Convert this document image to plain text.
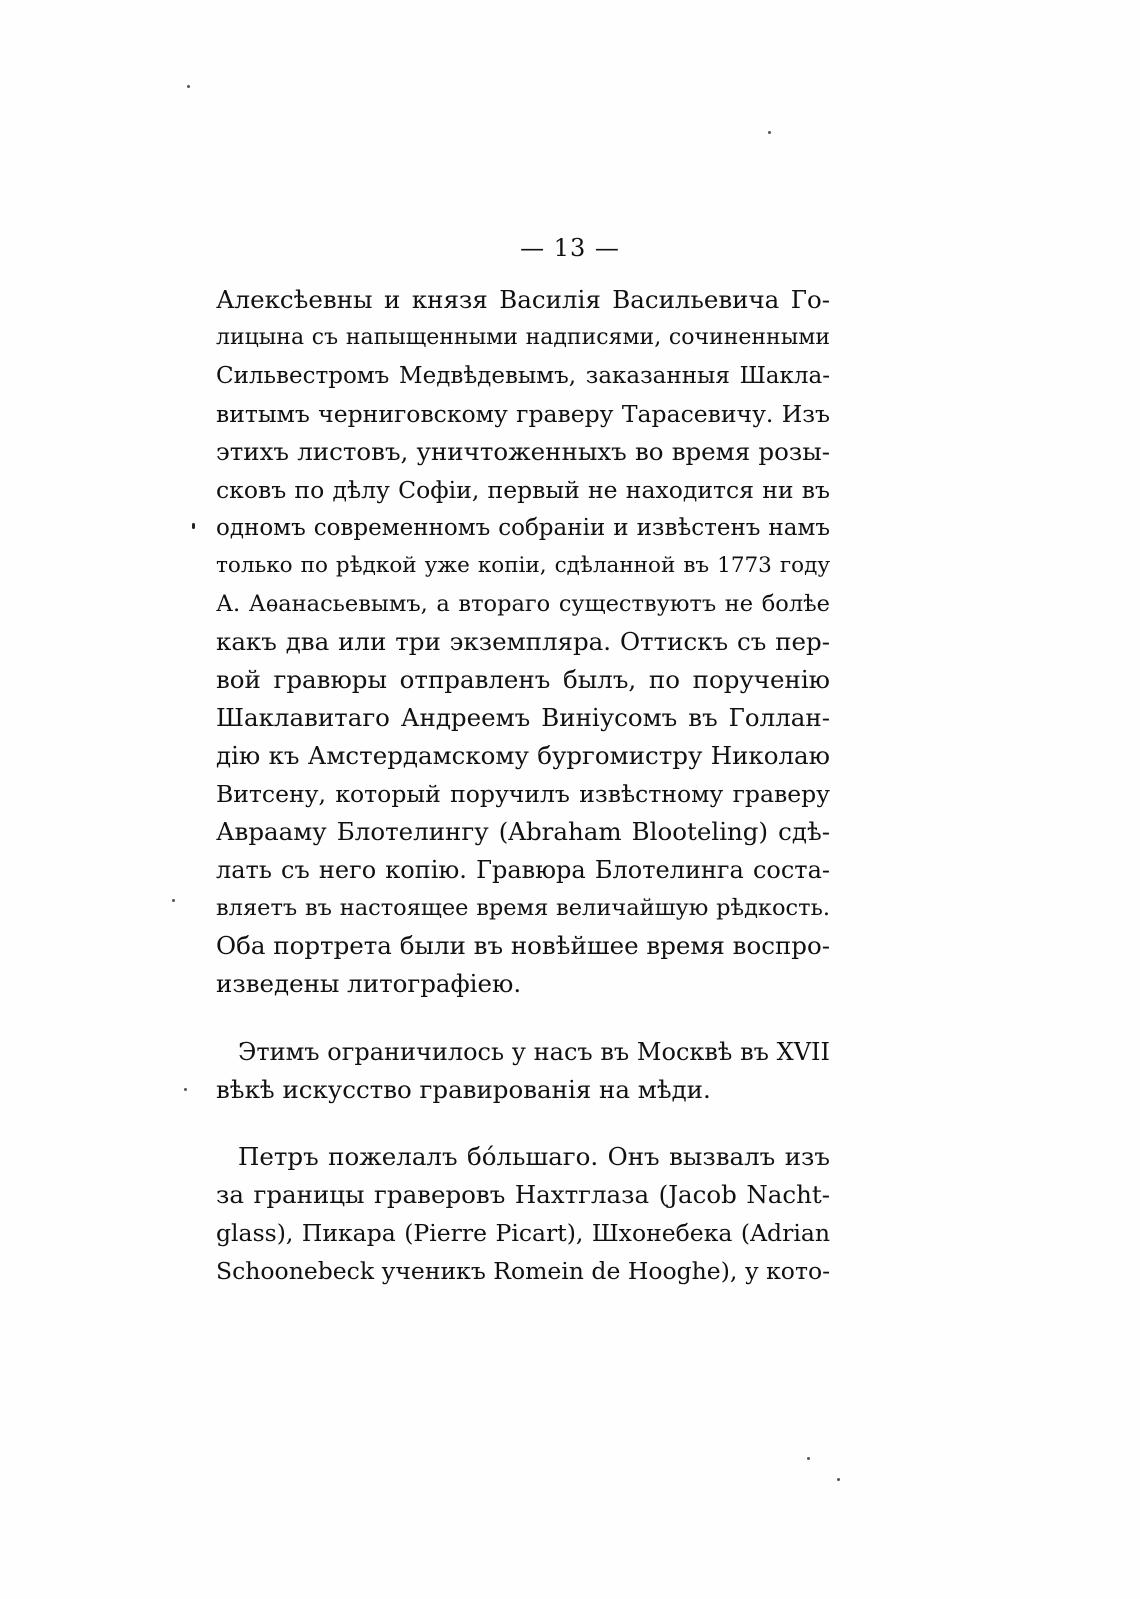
— 13 —
Алексѣевны и князя Василія Васильевича Го-
лицына съ напыщенными надписями, сочиненными
Сильвестромъ Медвѣдевымъ, заказанныя Шакла-
витымъ черниговскому граверу Тарасевичу. Изъ
этихъ листовъ, уничтоженныхъ во время розы-
сковъ по дѣлу Софіи, первый не находится ни въ
одномъ современномъ собраніи и извѣстенъ намъ
только по рѣдкой уже копіи, сдѣланной въ 1773 году
А. Аѳанасьевымъ, а втораго существуютъ не болѣе
какъ два или три экземпляра. Оттискъ съ пер-
вой гравюры отправленъ былъ, по порученію
Шаклавитаго Андреемъ Виніусомъ въ Голлан-
дію къ Амстердамскому бургомистру Николаю
Витсену, который поручилъ извѣстному граверу
Аврааму Блотелингу (Abraham Blooteling) сдѣ-
лать съ него копію. Гравюра Блотелинга соста-
вляетъ въ настоящее время величайшую рѣдкость.
Оба портрета были въ новѣйшее время воспро-
изведены литографіею.
Этимъ ограничилось у насъ въ Москвѣ въ XVII
вѣкѣ искусство гравированія на мѣди.
Петръ пожелалъ бо́льшаго. Онъ вызвалъ изъ
за границы граверовъ Нахтглаза (Jacob Nacht-
glass), Пикара (Pierre Picart), Шхонебека (Adrian
Schoonebeck ученикъ Romein de Hooghe), у кото-
